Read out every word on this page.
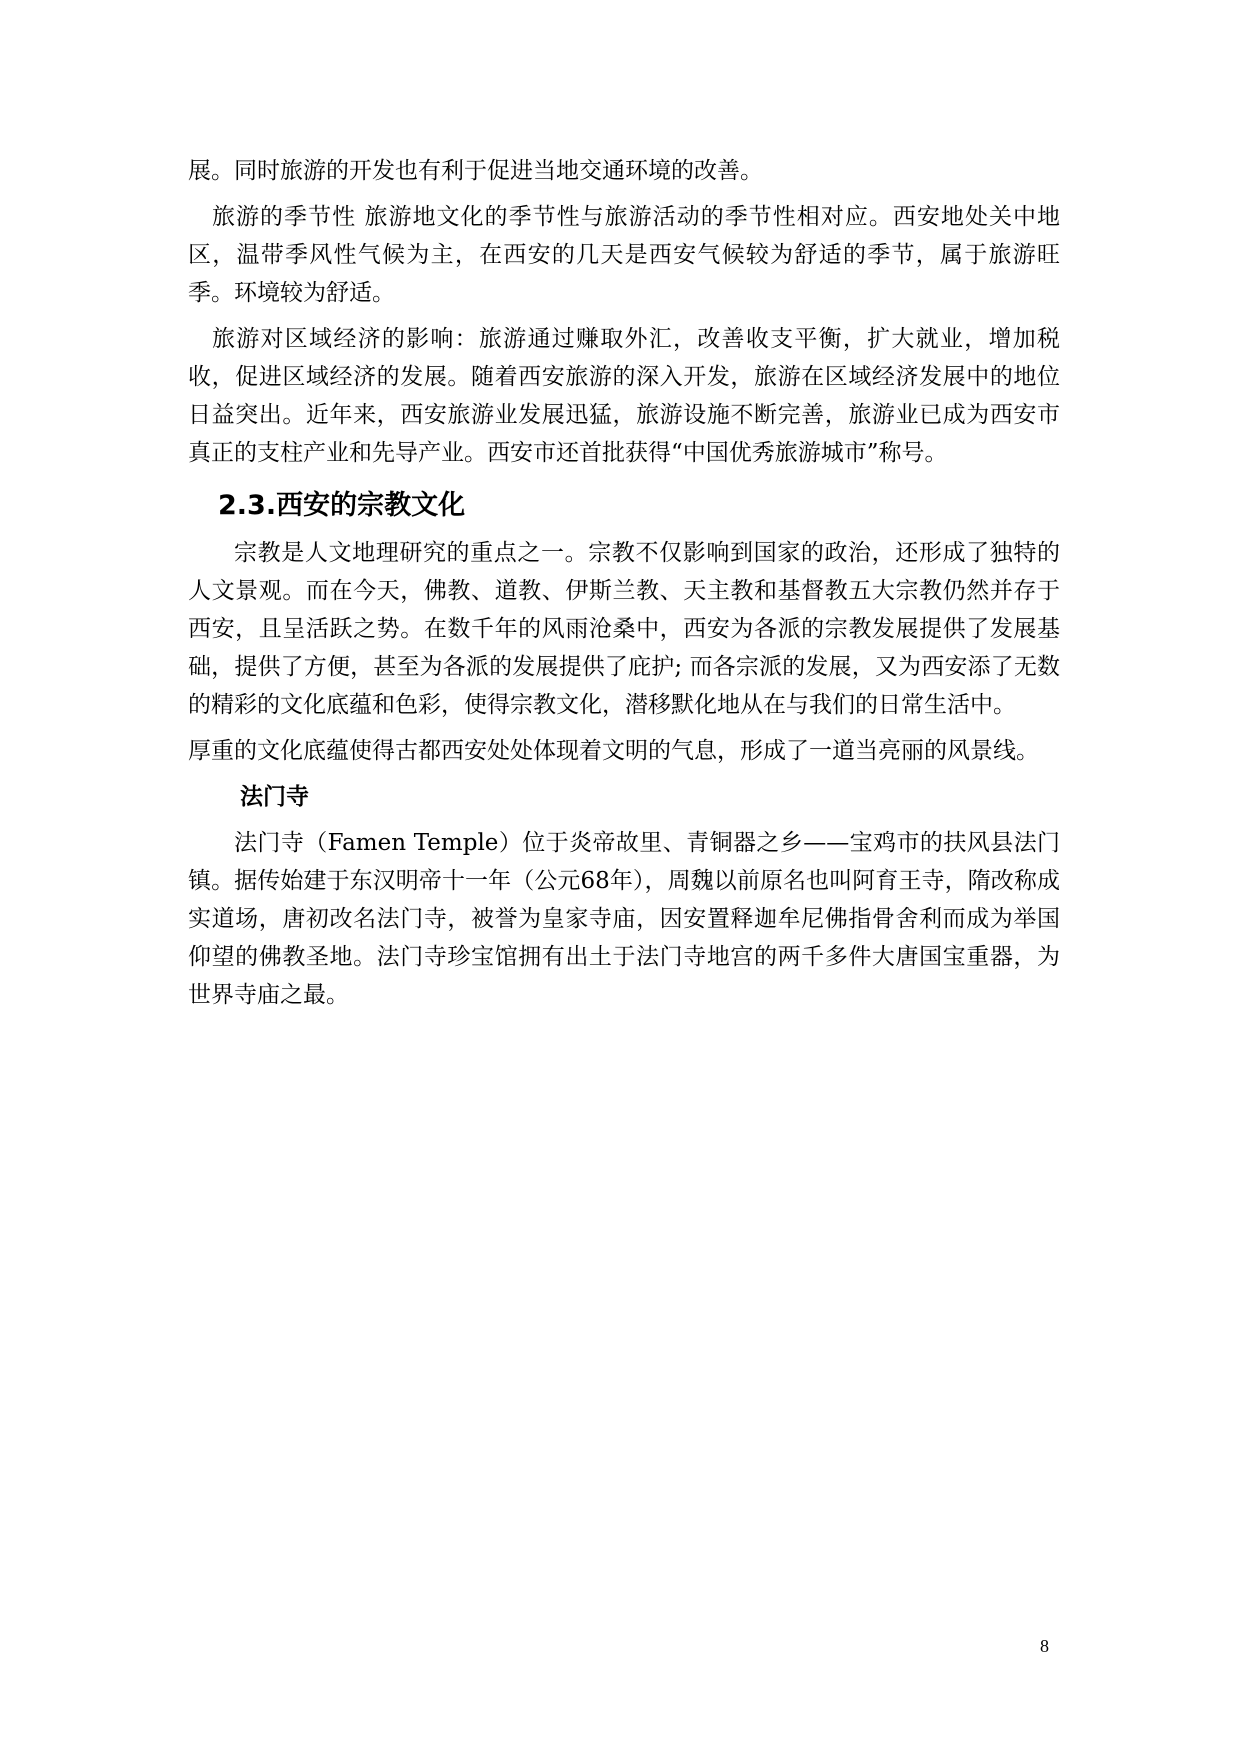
展。同时旅游的开发也有利于促进当地交通环境的改善。

旅游的季节性 旅游地文化的季节性与旅游活动的季节性相对应。西安地处关中地区，温带季风性气候为主，在西安的几天是西安气候较为舒适的季节，属于旅游旺季。环境较为舒适。

旅游对区域经济的影响：旅游通过赚取外汇，改善收支平衡，扩大就业，增加税收，促进区域经济的发展。随着西安旅游的深入开发，旅游在区域经济发展中的地位日益突出。近年来，西安旅游业发展迅猛，旅游设施不断完善，旅游业已成为西安市真正的支柱产业和先导产业。西安市还首批获得“中国优秀旅游城市”称号。

2.3.西安的宗教文化

宗教是人文地理研究的重点之一。宗教不仅影响到国家的政治，还形成了独特的人文景观。而在今天，佛教、道教、伊斯兰教、天主教和基督教五大宗教仍然并存于西安，且呈活跃之势。在数千年的风雨沧桑中，西安为各派的宗教发展提供了发展基础，提供了方便，甚至为各派的发展提供了庇护; 而各宗派的发展，又为西安添了无数的精彩的文化底蕴和色彩，使得宗教文化，潜移默化地从在与我们的日常生活中。

厚重的文化底蕴使得古都西安处处体现着文明的气息，形成了一道当亮丽的风景线。

法门寺

法门寺（Famen Temple）位于炎帝故里、青铜器之乡——宝鸡市的扶风县法门镇。据传始建于东汉明帝十一年（公元68年），周魏以前原名也叫阿育王寺，隋改称成实道场，唐初改名法门寺，被誉为皇家寺庙，因安置释迦牟尼佛指骨舍利而成为举国仰望的佛教圣地。法门寺珍宝馆拥有出土于法门寺地宫的两千多件大唐国宝重器，为世界寺庙之最。

8
